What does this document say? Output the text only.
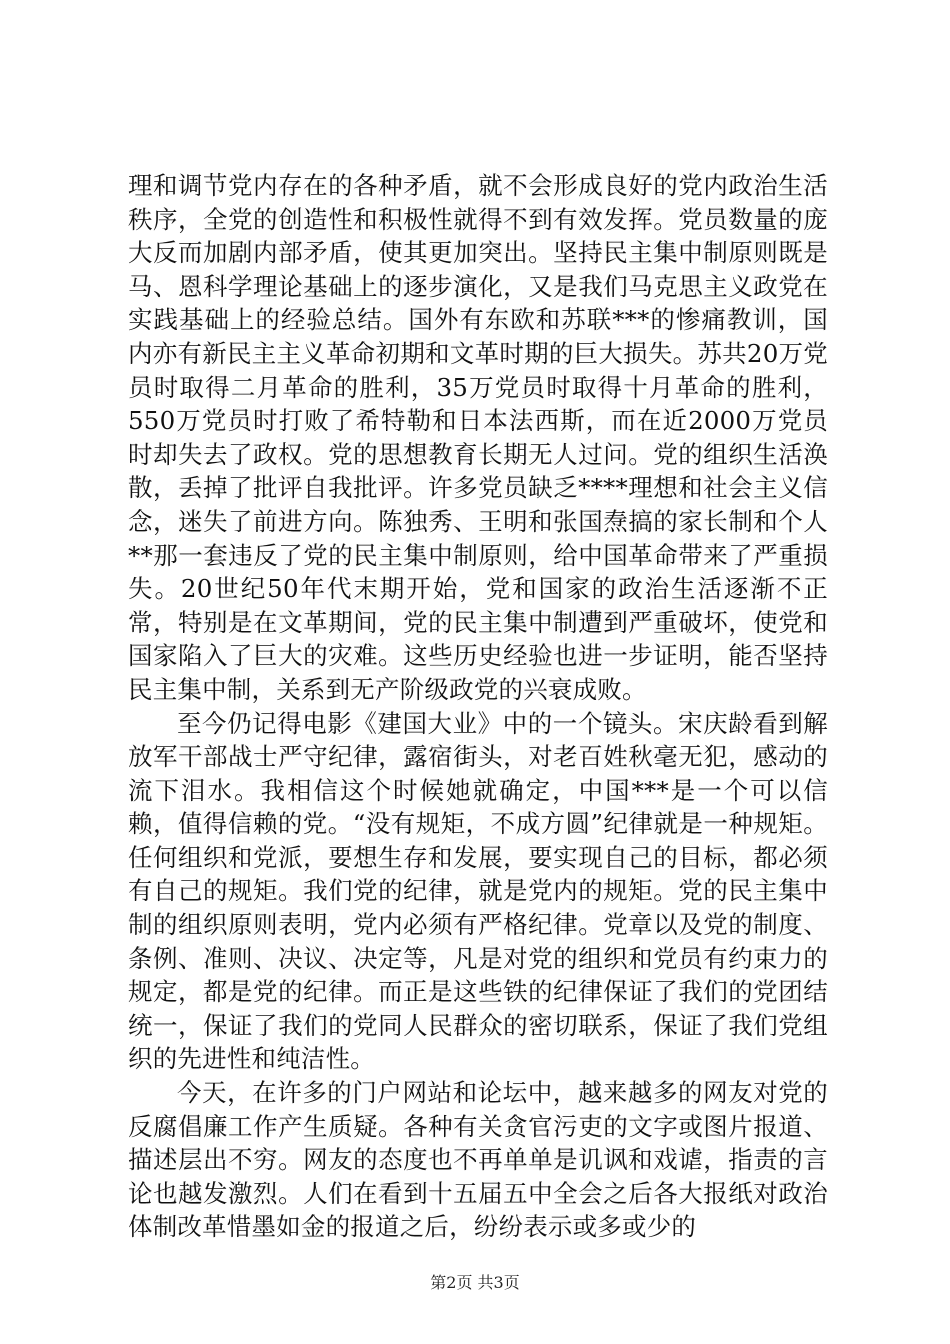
理和调节党内存在的各种矛盾，就不会形成良好的党内政治生活秩序，全党的创造性和积极性就得不到有效发挥。党员数量的庞大反而加剧内部矛盾，使其更加突出。坚持民主集中制原则既是马、恩科学理论基础上的逐步演化，又是我们马克思主义政党在实践基础上的经验总结。国外有东欧和苏联***的惨痛教训，国内亦有新民主主义革命初期和文革时期的巨大损失。苏共20万党员时取得二月革命的胜利，35万党员时取得十月革命的胜利，550万党员时打败了希特勒和日本法西斯，而在近2000万党员时却失去了政权。党的思想教育长期无人过问。党的组织生活涣散，丢掉了批评自我批评。许多党员缺乏****理想和社会主义信念，迷失了前进方向。陈独秀、王明和张国焘搞的家长制和个人**那一套违反了党的民主集中制原则，给中国革命带来了严重损失。20世纪50年代末期开始，党和国家的政治生活逐渐不正常，特别是在文革期间，党的民主集中制遭到严重破坏，使党和国家陷入了巨大的灾难。这些历史经验也进一步证明，能否坚持民主集中制，关系到无产阶级政党的兴衰成败。

至今仍记得电影《建国大业》中的一个镜头。宋庆龄看到解放军干部战士严守纪律，露宿街头，对老百姓秋毫无犯，感动的流下泪水。我相信这个时候她就确定，中国***是一个可以信赖，值得信赖的党。“没有规矩，不成方圆”纪律就是一种规矩。任何组织和党派，要想生存和发展，要实现自己的目标，都必须有自己的规矩。我们党的纪律，就是党内的规矩。党的民主集中制的组织原则表明，党内必须有严格纪律。党章以及党的制度、条例、准则、决议、决定等，凡是对党的组织和党员有约束力的规定，都是党的纪律。而正是这些铁的纪律保证了我们的党团结统一，保证了我们的党同人民群众的密切联系，保证了我们党组织的先进性和纯洁性。

今天，在许多的门户网站和论坛中，越来越多的网友对党的反腐倡廉工作产生质疑。各种有关贪官污吏的文字或图片报道、描述层出不穷。网友的态度也不再单单是讥讽和戏谑，指责的言论也越发激烈。人们在看到十五届五中全会之后各大报纸对政治体制改革惜墨如金的报道之后，纷纷表示或多或少的

第2页 共3页
